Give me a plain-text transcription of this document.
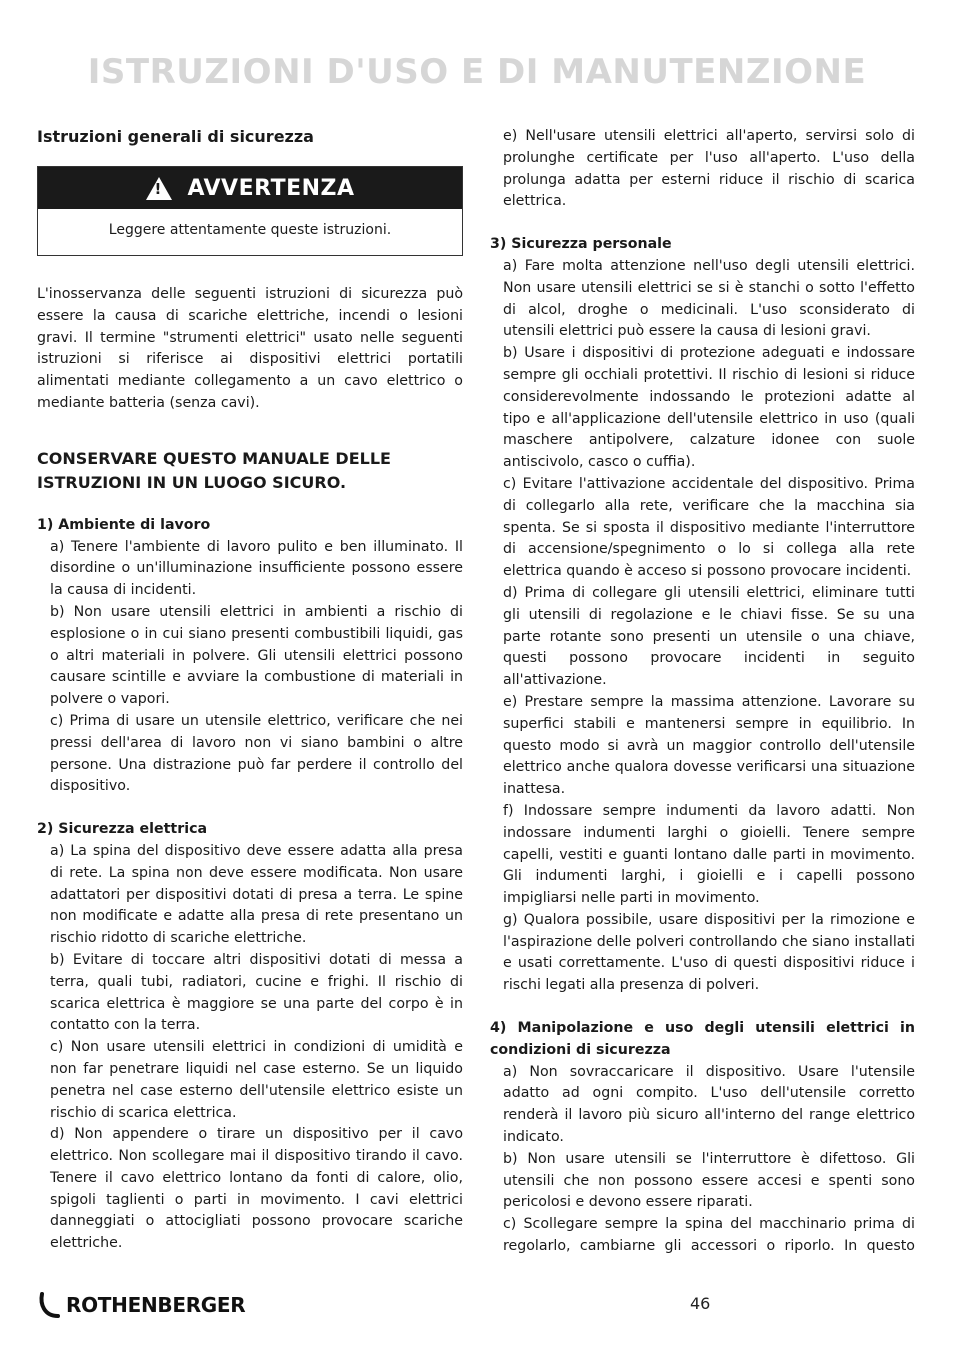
ISTRUZIONI D'USO E DI MANUTENZIONE
Istruzioni generali di sicurezza
! AVVERTENZA
Leggere attentamente queste istruzioni.

L'inosservanza delle seguenti istruzioni di sicurezza può essere la causa di scariche elettriche, incendi o lesioni gravi. Il termine "strumenti elettrici" usato nelle seguenti istruzioni si riferisce ai dispositivi elettrici portatili alimentati mediante collegamento a un cavo elettrico o mediante batteria (senza cavi).

CONSERVARE QUESTO MANUALE DELLE ISTRUZIONI IN UN LUOGO SICURO.

1) Ambiente di lavoro

a) Tenere l'ambiente di lavoro pulito e ben illuminato. Il disordine o un'illuminazione insufficiente possono essere la causa di incidenti.

b) Non usare utensili elettrici in ambienti a rischio di esplosione o in cui siano presenti combustibili liquidi, gas o altri materiali in polvere. Gli utensili elettrici possono causare scintille e avviare la combustione di materiali in polvere o vapori.

c) Prima di usare un utensile elettrico, verificare che nei pressi dell'area di lavoro non vi siano bambini o altre persone. Una distrazione può far perdere il controllo del dispositivo.

2) Sicurezza elettrica

a) La spina del dispositivo deve essere adatta alla presa di rete. La spina non deve essere modificata. Non usare adattatori per dispositivi dotati di presa a terra. Le spine non modificate e adatte alla presa di rete presentano un rischio ridotto di scariche elettriche.

b) Evitare di toccare altri dispositivi dotati di messa a terra, quali tubi, radiatori, cucine e frighi. Il rischio di scarica elettrica è maggiore se una parte del corpo è in contatto con la terra.

c) Non usare utensili elettrici in condizioni di umidità e non far penetrare liquidi nel case esterno. Se un liquido penetra nel case esterno dell'utensile elettrico esiste un rischio di scarica elettrica.

d) Non appendere o tirare un dispositivo per il cavo elettrico. Non scollegare mai il dispositivo tirando il cavo. Tenere il cavo elettrico lontano da fonti di calore, olio, spigoli taglienti o parti in movimento. I cavi elettrici danneggiati o attocigliati possono provocare scariche elettriche.

e) Nell'usare utensili elettrici all'aperto, servirsi solo di prolunghe certificate per l'uso all'aperto. L'uso della prolunga adatta per esterni riduce il rischio di scarica elettrica.

3) Sicurezza personale

a) Fare molta attenzione nell'uso degli utensili elettrici. Non usare utensili elettrici se si è stanchi o sotto l'effetto di alcol, droghe o medicinali. L'uso sconsiderato di utensili elettrici può essere la causa di lesioni gravi.

b) Usare i dispositivi di protezione adeguati e indossare sempre gli occhiali protettivi. Il rischio di lesioni si riduce considerevolmente indossando le protezioni adatte al tipo e all'applicazione dell'utensile elettrico in uso (quali maschere antipolvere, calzature idonee con suole antiscivolo, casco o cuffia).

c) Evitare l'attivazione accidentale del dispositivo. Prima di collegarlo alla rete, verificare che la macchina sia spenta. Se si sposta il dispositivo mediante l'interruttore di accensione/spegnimento o lo si collega alla rete elettrica quando è acceso si possono provocare incidenti.

d) Prima di collegare gli utensili elettrici, eliminare tutti gli utensili di regolazione e le chiavi fisse. Se su una parte rotante sono presenti un utensile o una chiave, questi possono provocare incidenti in seguito all'attivazione.

e) Prestare sempre la massima attenzione. Lavorare su superfici stabili e mantenersi sempre in equilibrio. In questo modo si avrà un maggior controllo dell'utensile elettrico anche qualora dovesse verificarsi una situazione inattesa.

f) Indossare sempre indumenti da lavoro adatti. Non indossare indumenti larghi o gioielli. Tenere sempre capelli, vestiti e guanti lontano dalle parti in movimento. Gli indumenti larghi, i gioielli e i capelli possono impigliarsi nelle parti in movimento.

g) Qualora possibile, usare dispositivi per la rimozione e l'aspirazione delle polveri controllando che siano installati e usati correttamente. L'uso di questi dispositivi riduce i rischi legati alla presenza di polveri.

4) Manipolazione e uso degli utensili elettrici in condizioni di sicurezza

a) Non sovraccaricare il dispositivo. Usare l'utensile adatto ad ogni compito. L'uso dell'utensile corretto renderà il lavoro più sicuro all'interno del range elettrico indicato.

b) Non usare utensili se l'interruttore è difettoso. Gli utensili che non possono essere accesi e spenti sono pericolosi e devono essere riparati.

c) Scollegare sempre la spina del macchinario prima di regolarlo, cambiarne gli accessori o riporlo. In questo

ROTHENBERGER	46
